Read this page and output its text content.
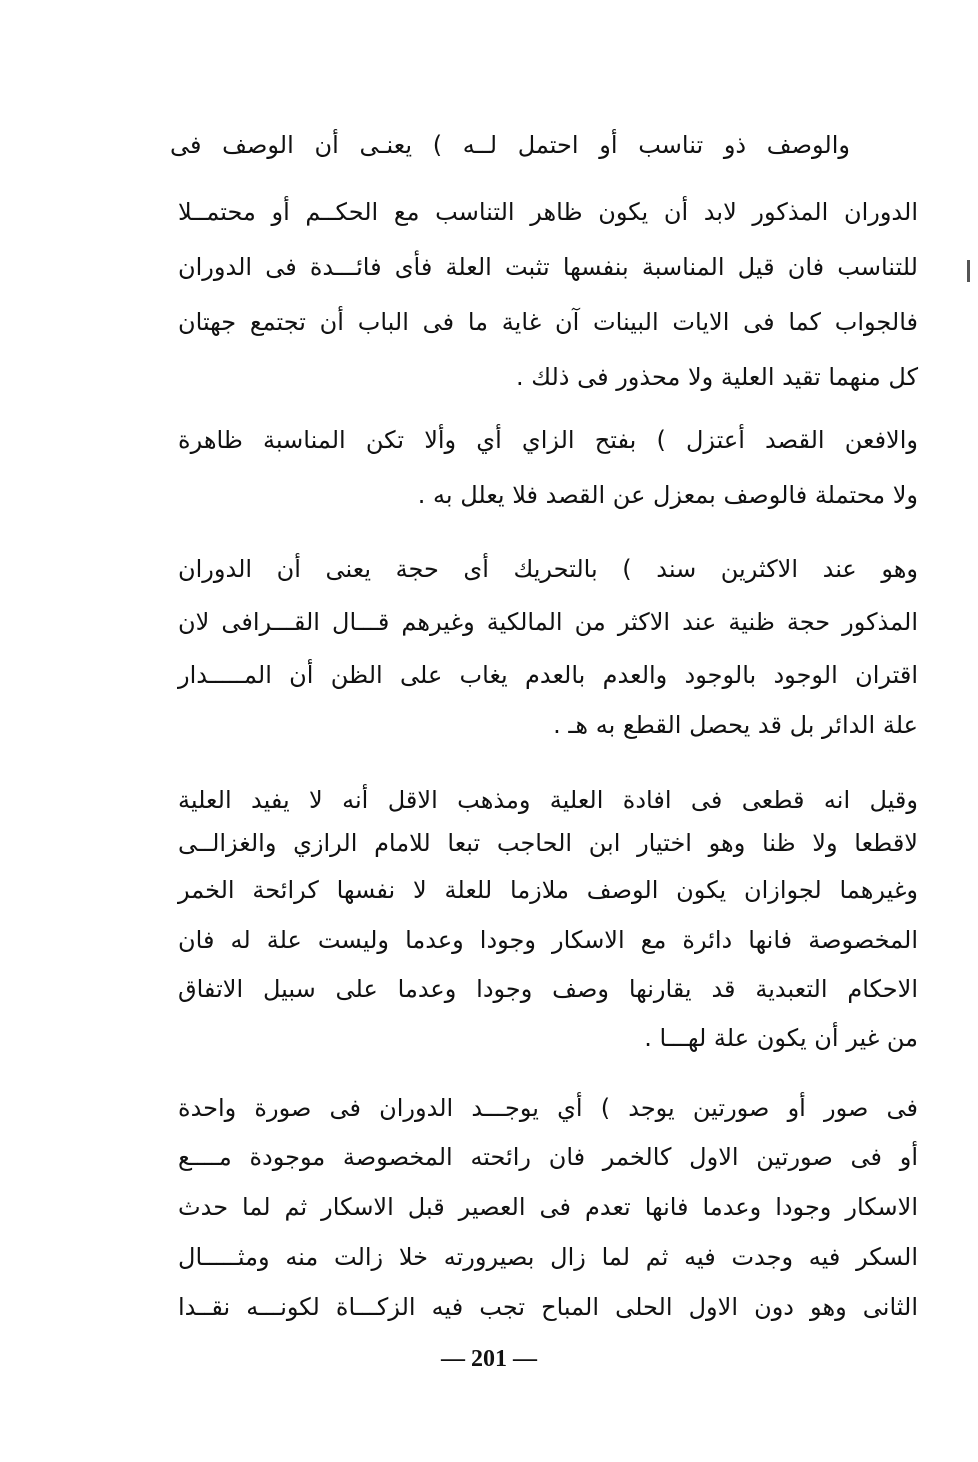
والوصف ذو تناسب أو احتمل لــه ) يعنـى أن الوصف فى
الدوران المذكور لابد أن يكون ظاهر التناسب مع الحكــم أو محتمــلا
للتناسب فان قيل المناسبة بنفسها تثبت العلة فأى فائـــدة فى الدوران
فالجواب كما فى الايات البينات آن غاية ما فى الباب أن تجتمع جهتان
كل منهما تقيد العلية ولا محذور فى ذلك .
والافعن القصد أعتزل ) بفتح الزاي أي وألا تكن المناسبة ظاهرة
ولا محتملة فالوصف بمعزل عن القصد فلا يعلل به .
وهو عند الاكثرين سند ) بالتحريك أى حجة يعنى أن الدوران
المذكور حجة ظنية عند الاكثر من المالكية وغيرهم قـــال القـــرافى لان
اقتران الوجود بالوجود والعدم بالعدم يغاب على الظن أن المـــــدار
علة الدائر بل قد يحصل القطع به هـ .
وقيل انه قطعى فى افادة العلية ومذهب الاقل أنه لا يفيد العلية
لاقطعا ولا ظنا وهو اختيار ابن الحاجب تبعا للامام الرازي والغزالــى
وغيرهما لجوازان يكون الوصف ملازما للعلة لا نفسها كرائحة الخمر
المخصوصة فانها دائرة مع الاسكار وجودا وعدما وليست علة له فان
الاحكام التعبدية قد يقارنها وصف وجودا وعدما على سبيل الاتفاق
من غير أن يكون علة لهـــا .
فى صور أو صورتين يوجد ) أي يوجـــد الدوران فى صورة واحدة
أو فى صورتين الاول كالخمر فان رائحته المخصوصة موجودة مــــع
الاسكار وجودا وعدما فانها تعدم فى العصير قبل الاسكار ثم لما حدث
السكر فيه وجدت فيه ثم لما زال بصيرورته خلا زالت منه ومثـــــال
الثانى وهو دون الاول الحلى المباح تجب فيه الزكـــاة لكونـــه نقــدا
— 201 —
